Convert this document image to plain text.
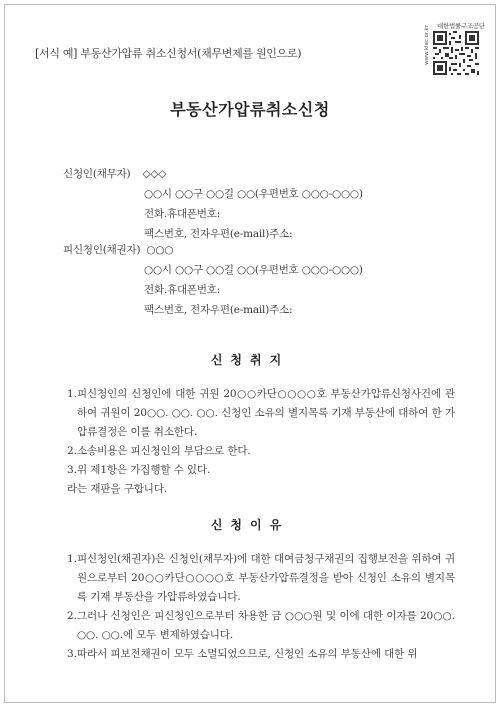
[서식 예] 부동산가압류 취소신청서(채무변제를 원인으로)
대한법률구조공단
www.klac.or.kr
부동산가압류취소신청
신청인(채무자) ◇◇◇
○○시 ○○구 ○○길 ○○(우편번호 ○○○-○○○)
전화.휴대폰번호:
팩스번호, 전자우편(e-mail)주소:
피신청인(채권자) ○○○
○○시 ○○구 ○○길 ○○(우편번호 ○○○-○○○)
전화.휴대폰번호:
팩스번호, 전자우편(e-mail)주소:
신청취지
1. 피신청인의 신청인에 대한 귀원 20○○카단○○○○호 부동산가압류신청사건에 관하여 귀원이 20○○. ○○. ○○. 신청인 소유의 별지목록 기재 부동산에 대하여 한 가압류결정은 이를 취소한다.
2. 소송비용은 피신청인의 부담으로 한다.
3. 위 제1항은 가집행할 수 있다.
라는 재판을 구합니다.
신청이유
1. 피신청인(채권자)은 신청인(채무자)에 대한 대여금청구채권의 집행보전을 위하여 귀원으로부터 20○○카단○○○○호 부동산가압류결정을 받아 신청인 소유의 별지목록 기재 부동산을 가압류하였습니다.
2. 그러나 신청인은 피신청인으로부터 차용한 금 ○○○원 및 이에 대한 이자를 20○○. ○○. ○○.에 모두 변제하였습니다.
3. 따라서 피보전채권이 모두 소멸되었으므로, 신청인 소유의 부동산에 대한 위
